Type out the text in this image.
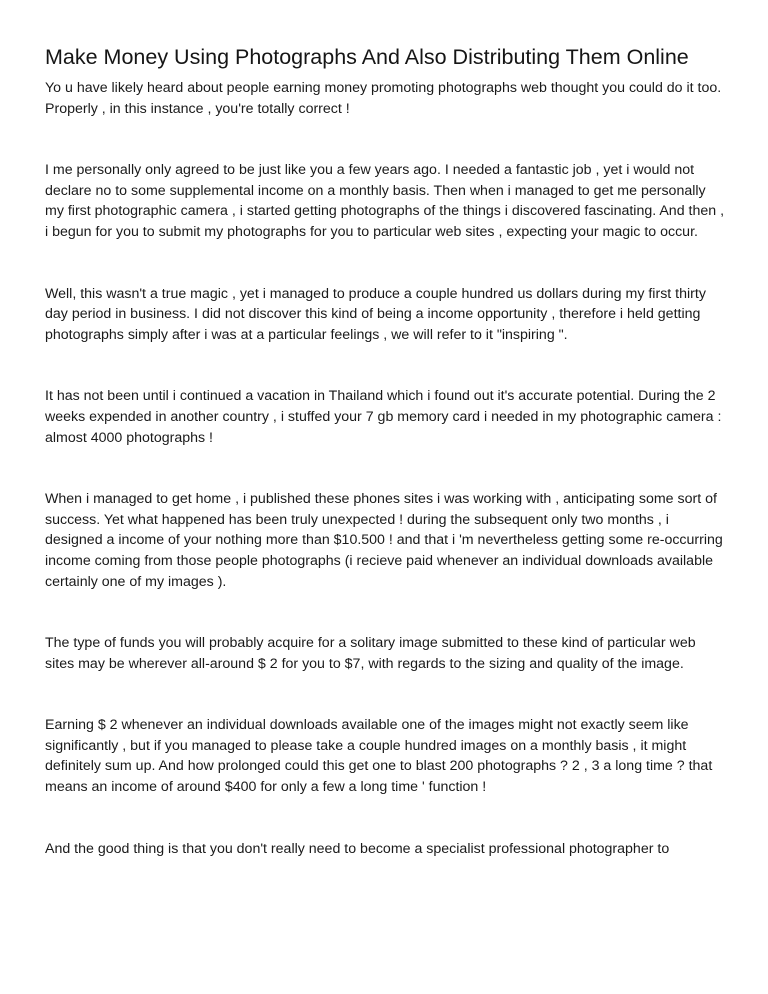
Make Money Using Photographs And Also Distributing Them Online

Yo u have likely heard about people earning money promoting photographs web thought you could do it too. Properly , in this instance , you're totally correct !

I me personally only agreed to be just like you a few years ago. I needed a fantastic job , yet i would not declare no to some supplemental income on a monthly basis. Then when i managed to get me personally my first photographic camera , i started getting photographs of the things i discovered fascinating. And then , i begun for you to submit my photographs for you to particular web sites , expecting your magic to occur.

Well, this wasn't a true magic , yet i managed to produce a couple hundred us dollars during my first thirty day period in business. I did not discover this kind of being a income opportunity , therefore i held getting photographs simply after i was at a particular feelings , we will refer to it "inspiring ".

It has not been until i continued a vacation in Thailand which i found out it's accurate potential. During the 2 weeks expended in another country , i stuffed your 7 gb memory card i needed in my photographic camera : almost 4000 photographs !

When i managed to get home , i published these phones sites i was working with , anticipating some sort of success. Yet what happened has been truly unexpected ! during the subsequent only two months , i designed a income of your nothing more than $10.500 ! and that i 'm nevertheless getting some re-occurring income coming from those people photographs (i recieve paid whenever an individual downloads available certainly one of my images ).

The type of funds you will probably acquire for a solitary image submitted to these kind of particular web sites may be wherever all-around $ 2 for you to $7, with regards to the sizing and quality of the image.

Earning $ 2 whenever an individual downloads available one of the images might not exactly seem like significantly , but if you managed to please take a couple hundred images on a monthly basis , it might definitely sum up. And how prolonged could this get one to blast 200 photographs ? 2 , 3 a long time ? that means an income of around $400 for only a few a long time ' function !

And the good thing is that you don't really need to become a specialist professional photographer to
